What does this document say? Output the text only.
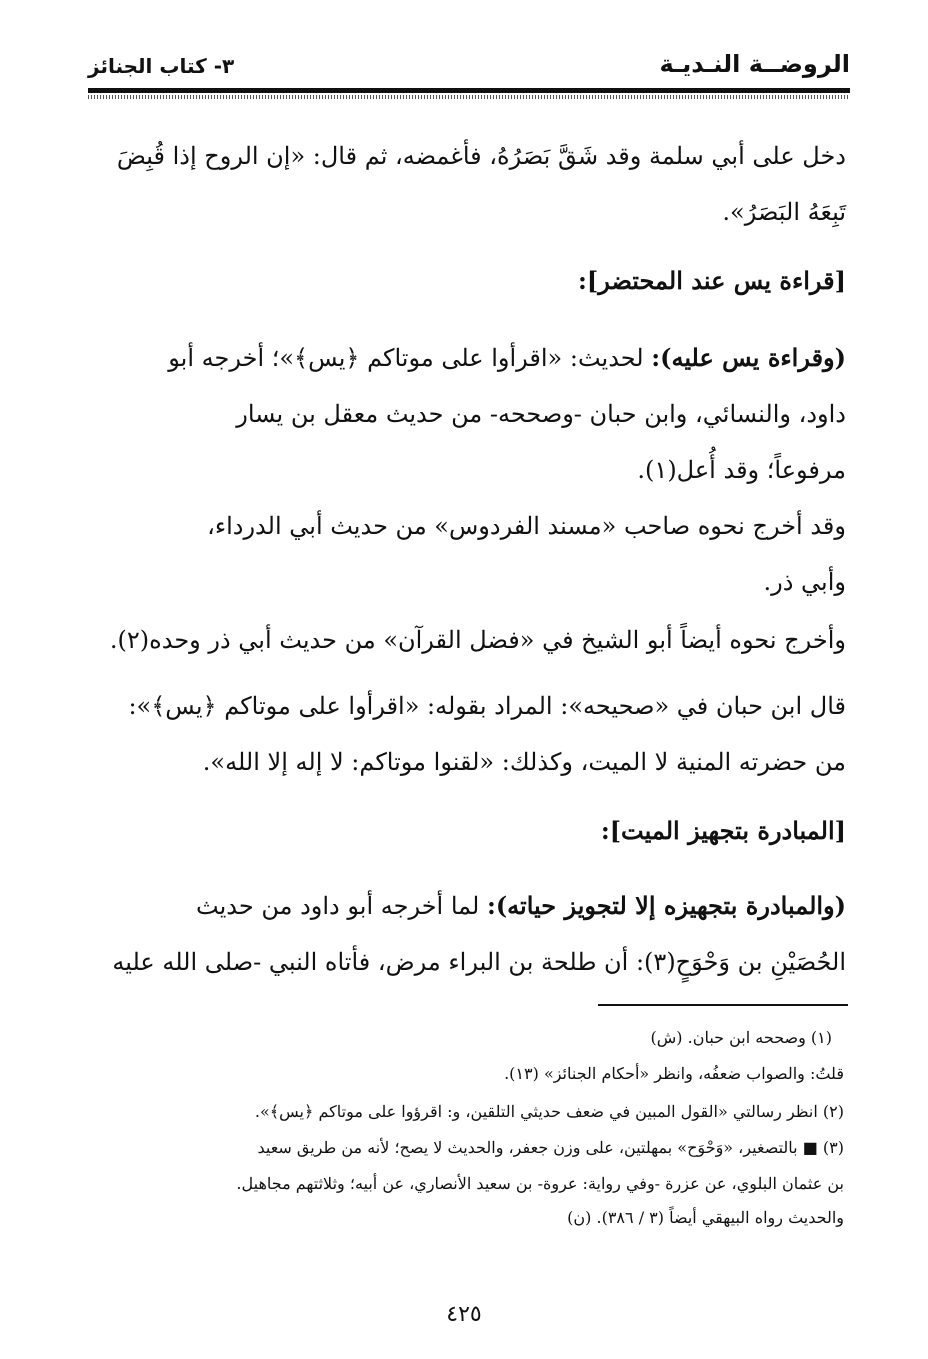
الروضــة النـديـة
٣- كتاب الجنائز
دخل على أبي سلمة وقد شَقَّ بَصَرُهُ، فأغمضه، ثم قال: «إن الروح إذا قُبِضَ
تَبِعَهُ البَصَرُ».
[قراءة يس عند المحتضر]:
(وقراءة يس عليه): لحديث: «اقرأوا على موتاكم ﴿يس﴾»؛ أخرجه أبو
داود، والنسائي، وابن حبان -وصححه- من حديث معقل بن يسار
مرفوعاً؛ وقد أُعل(١).
وقد أخرج نحوه صاحب «مسند الفردوس» من حديث أبي الدرداء،
وأبي ذر.
وأخرج نحوه أيضاً أبو الشيخ في «فضل القرآن» من حديث أبي ذر وحده(٢).
قال ابن حبان في «صحيحه»: المراد بقوله: «اقرأوا على موتاكم ﴿يس﴾»:
من حضرته المنية لا الميت، وكذلك: «لقنوا موتاكم: لا إله إلا الله».
[المبادرة بتجهيز الميت]:
(والمبادرة بتجهيزه إلا لتجويز حياته): لما أخرجه أبو داود من حديث
الحُصَيْنِ بن وَحْوَحٍ(٣): أن طلحة بن البراء مرض، فأتاه النبي -صلى الله عليه
(١) وصححه ابن حبان. (ش)
قلتُ: والصواب ضعفُه، وانظر «أحكام الجنائز» (١٣).
(٢) انظر رسالتي «القول المبين في ضعف حديثي التلقين، و: اقرؤوا على موتاكم ﴿يس﴾».
(٣) ■ بالتصغير، «وَحْوَح» بمهلتين، على وزن جعفر، والحديث لا يصح؛ لأنه من طريق سعيد
بن عثمان البلوي، عن عزرة -وفي رواية: عروة- بن سعيد الأنصاري، عن أبيه؛ وثلاثتهم مجاهيل.
والحديث رواه البيهقي أيضاً (٣ / ٣٨٦). (ن)
٤٢٥
